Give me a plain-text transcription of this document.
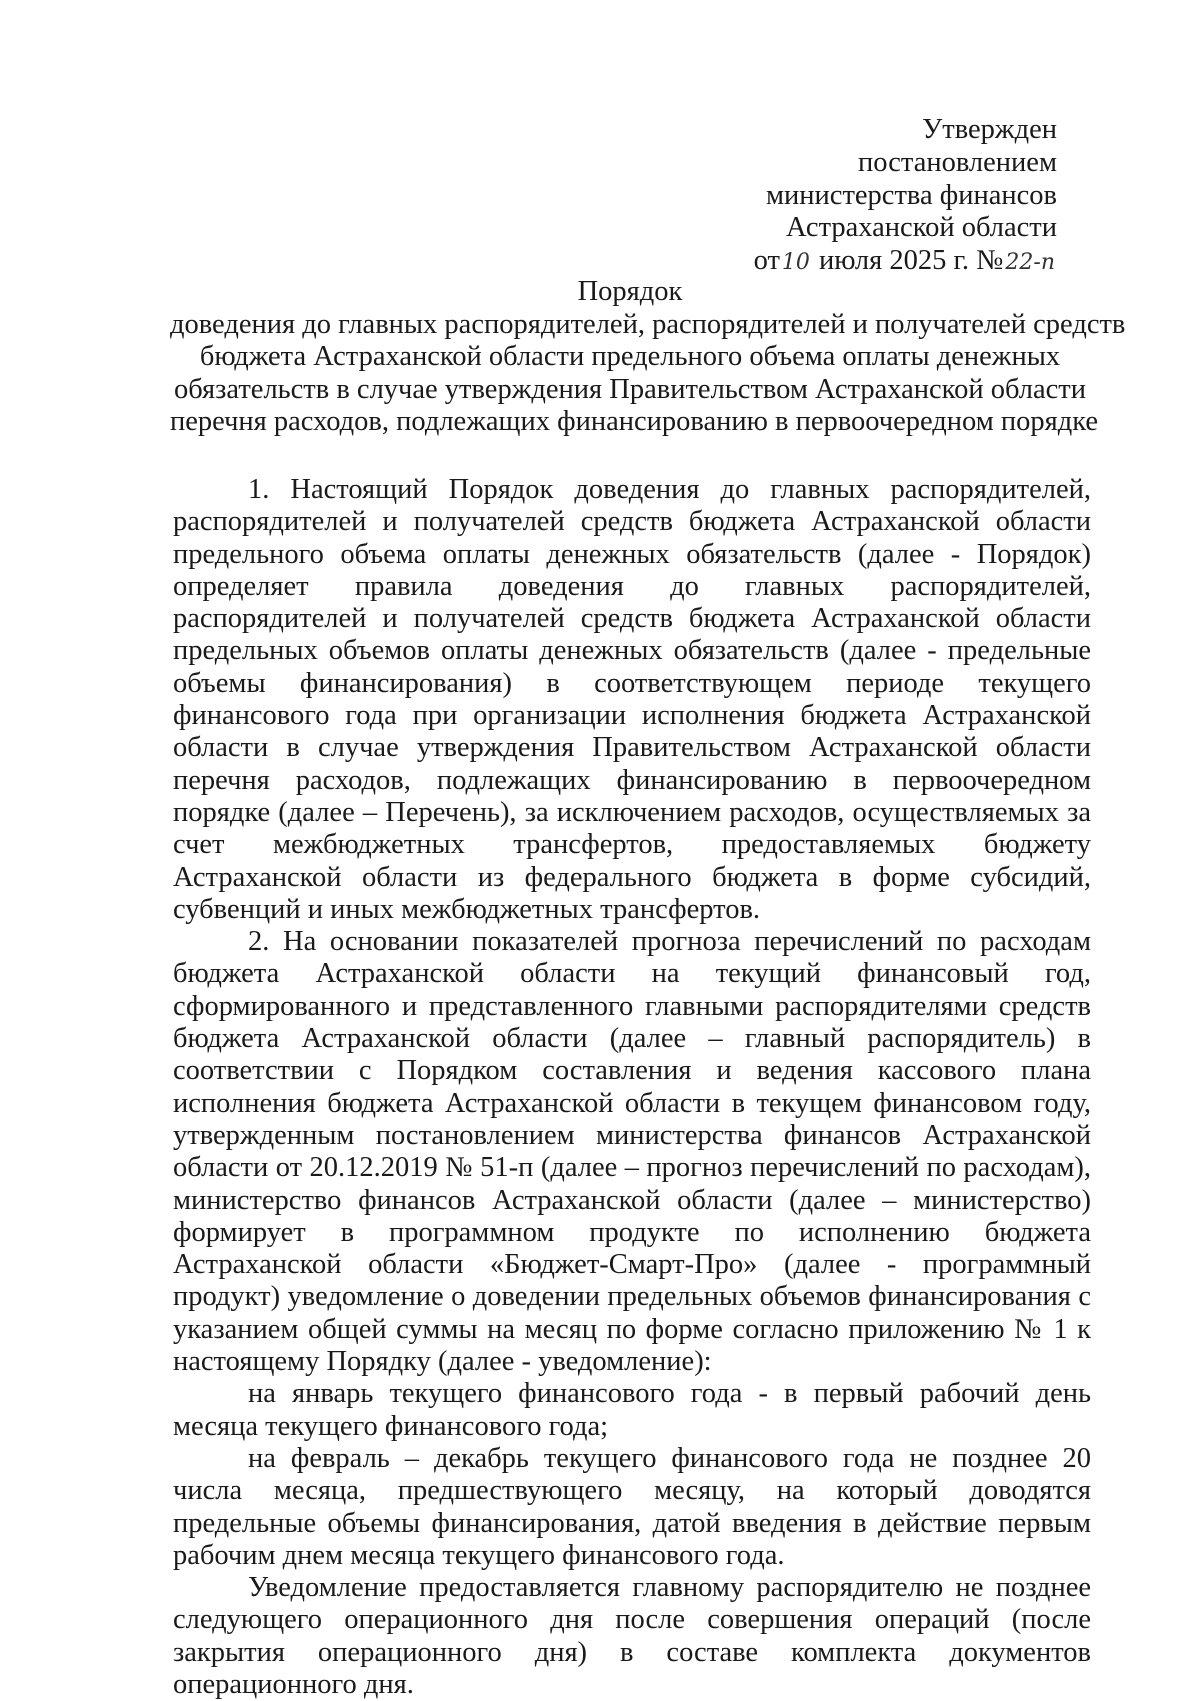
Утвержден
постановлением
министерства финансов
Астраханской области
от10 июля 2025 г. №22-п
Порядок
доведения до главных распорядителей, распорядителей и получателей средств
бюджета Астраханской области предельного объема оплаты денежных
обязательств в случае утверждения Правительством Астраханской области
перечня расходов, подлежащих финансированию в первоочередном порядке

1. Настоящий Порядок доведения до главных распорядителей, распорядителей и получателей средств бюджета Астраханской области предельного объема оплаты денежных обязательств (далее - Порядок) определяет правила доведения до главных распорядителей, распорядителей и получателей средств бюджета Астраханской области предельных объемов оплаты денежных обязательств (далее - предельные объемы финансирования) в соответствующем периоде текущего финансового года при организации исполнения бюджета Астраханской области в случае утверждения Правительством Астраханской области перечня расходов, подлежащих финансированию в первоочередном порядке (далее – Перечень), за исключением расходов, осуществляемых за счет межбюджетных трансфертов, предоставляемых бюджету Астраханской области из федерального бюджета в форме субсидий, субвенций и иных межбюджетных трансфертов.

2. На основании показателей прогноза перечислений по расходам бюджета Астраханской области на текущий финансовый год, сформированного и представленного главными распорядителями средств бюджета Астраханской области (далее – главный распорядитель) в соответствии с Порядком составления и ведения кассового плана исполнения бюджета Астраханской области в текущем финансовом году, утвержденным постановлением министерства финансов Астраханской области от 20.12.2019 № 51-п (далее – прогноз перечислений по расходам), министерство финансов Астраханской области (далее – министерство) формирует в программном продукте по исполнению бюджета Астраханской области «Бюджет-Смарт-Про» (далее - программный продукт) уведомление о доведении предельных объемов финансирования с указанием общей суммы на месяц по форме согласно приложению № 1 к настоящему Порядку (далее - уведомление):

на январь текущего финансового года - в первый рабочий день месяца текущего финансового года;

на февраль – декабрь текущего финансового года не позднее 20 числа месяца, предшествующего месяцу, на который доводятся предельные объемы финансирования, датой введения в действие первым рабочим днем месяца текущего финансового года.

Уведомление предоставляется главному распорядителю не позднее следующего операционного дня после совершения операций (после закрытия операционного дня) в составе комплекта документов операционного дня.
